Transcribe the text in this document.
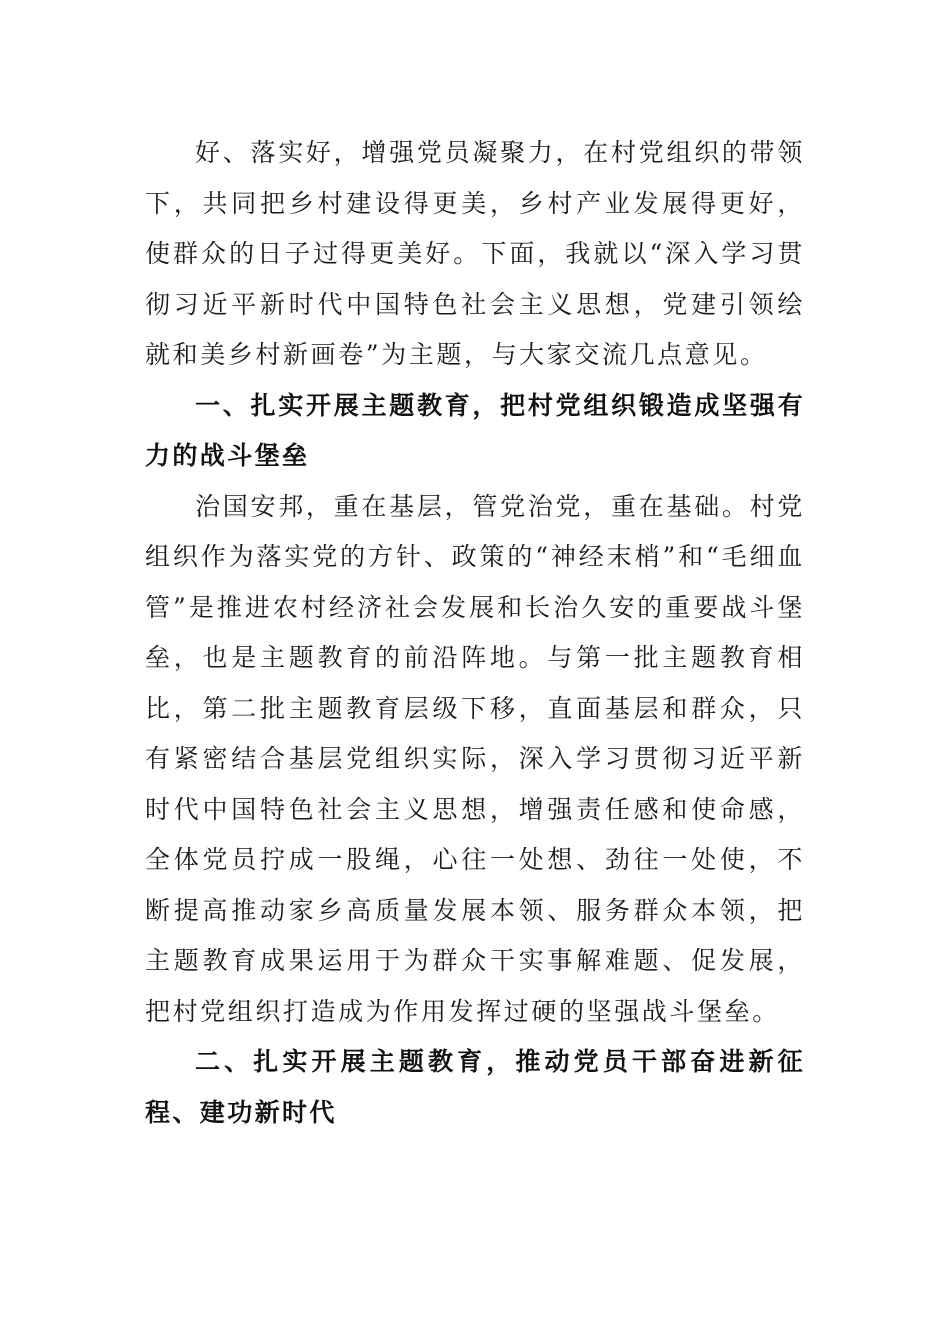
好、落实好，增强党员凝聚力，在村党组织的带领下，共同把乡村建设得更美，乡村产业发展得更好，使群众的日子过得更美好。下面，我就以“深入学习贯彻习近平新时代中国特色社会主义思想，党建引领绘就和美乡村新画卷”为主题，与大家交流几点意见。

一、扎实开展主题教育，把村党组织锻造成坚强有力的战斗堡垒

治国安邦，重在基层，管党治党，重在基础。村党组织作为落实党的方针、政策的“神经末梢”和“毛细血管”是推进农村经济社会发展和长治久安的重要战斗堡垒，也是主题教育的前沿阵地。与第一批主题教育相比，第二批主题教育层级下移，直面基层和群众，只有紧密结合基层党组织实际，深入学习贯彻习近平新时代中国特色社会主义思想，增强责任感和使命感，全体党员拧成一股绳，心往一处想、劲往一处使，不断提高推动家乡高质量发展本领、服务群众本领，把主题教育成果运用于为群众干实事解难题、促发展，把村党组织打造成为作用发挥过硬的坚强战斗堡垒。

二、扎实开展主题教育，推动党员干部奋进新征程、建功新时代
